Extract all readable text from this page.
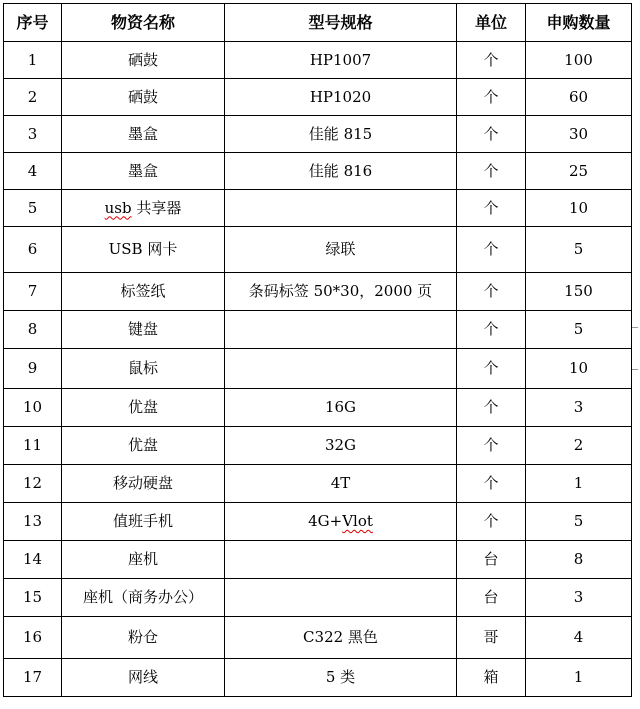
序号	物资名称	型号规格	单位	申购数量
1	硒鼓	HP1007	个	100
2	硒鼓	HP1020	个	60
3	墨盒	佳能 815	个	30
4	墨盒	佳能 816	个	25
5	usb 共享器		个	10
6	USB 网卡	绿联	个	5
7	标签纸	条码标签 50*30，2000 页	个	150
8	键盘		个	5
9	鼠标		个	10
10	优盘	16G	个	3
11	优盘	32G	个	2
12	移动硬盘	4T	个	1
13	值班手机	4G+Vlot	个	5
14	座机		台	8
15	座机（商务办公）		台	3
16	粉仓	C322 黑色	哥	4
17	网线	5 类	箱	1
